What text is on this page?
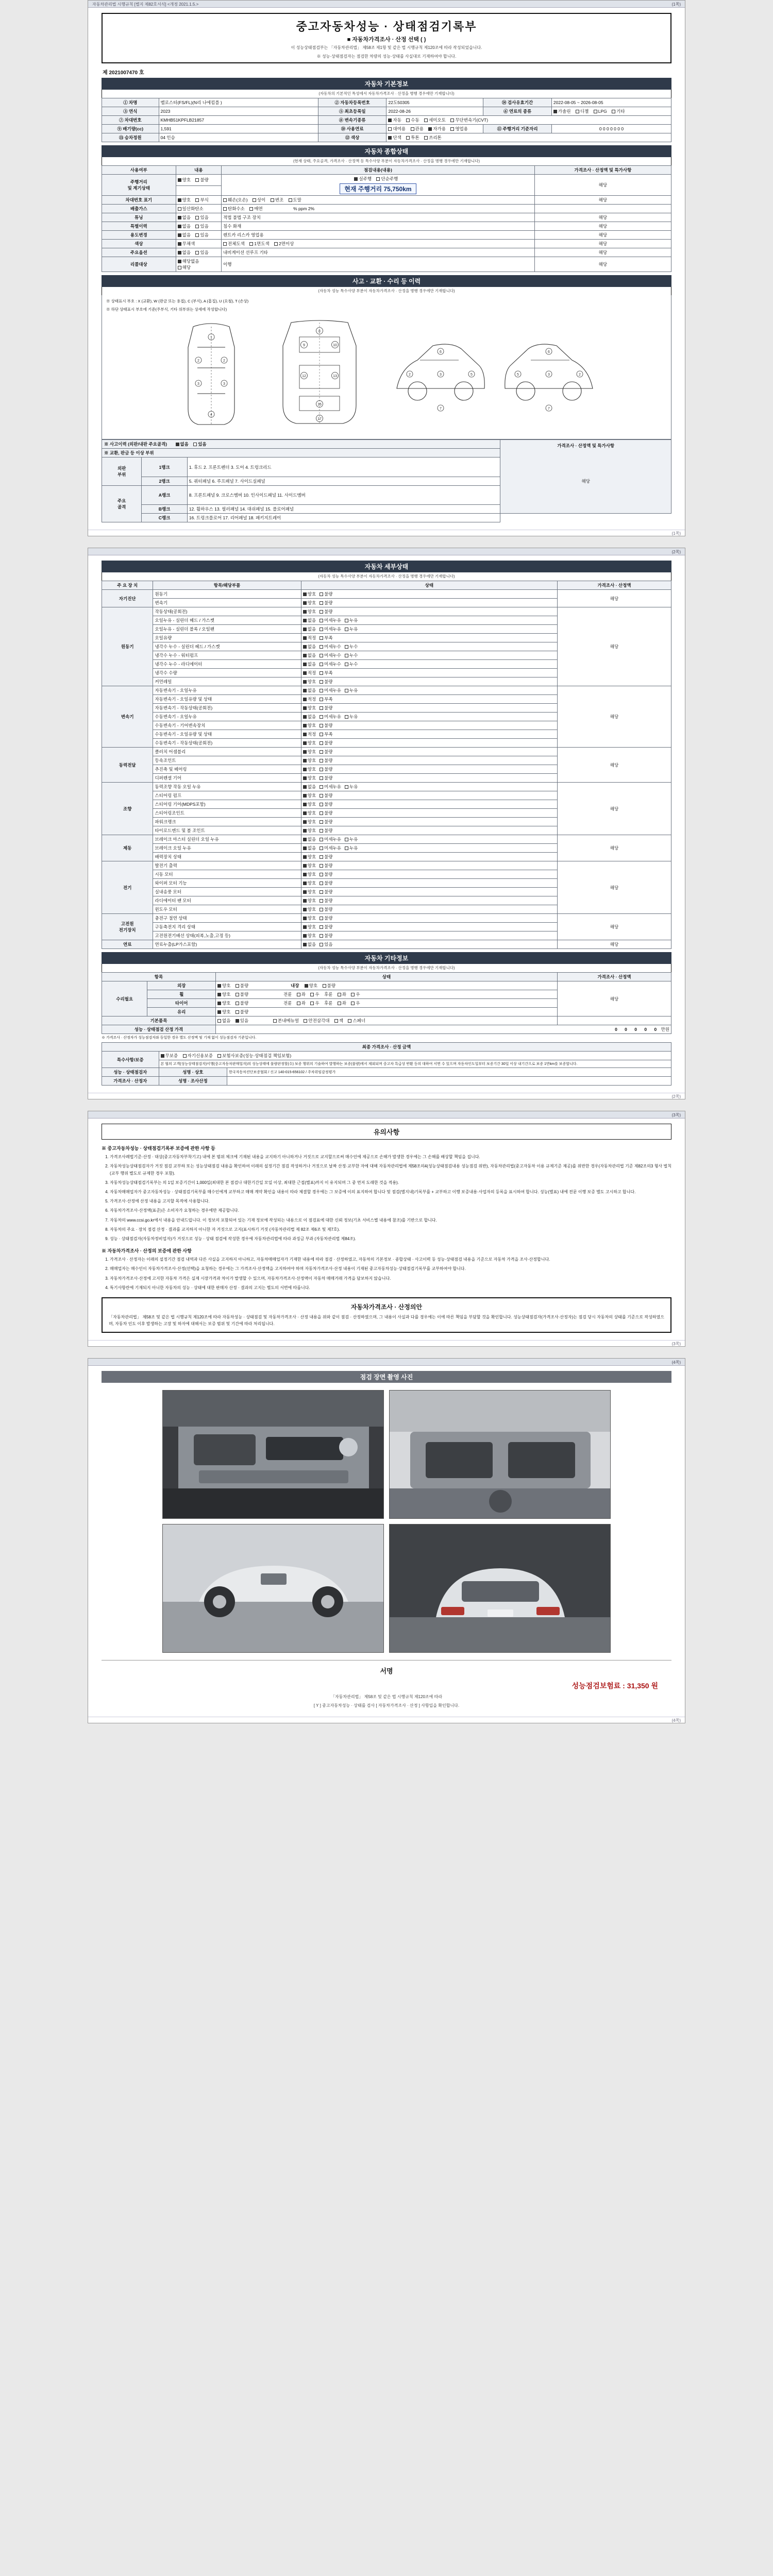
자동차관리법 시행규칙 [별지 제82호서식] <개정 2021.1.5.>	(1쪽)
중고자동차성능 · 상태점검기록부
■ 자동차가격조사 · 산정 선택 ( )
이 성능상태점검부는 「자동차관리법」 제58조 제1항 및 같은 법 시행규칙 제120조에 따라 작성되었습니다.
※ 성능·상태점검자는 점검한 차량의 성능·상태를 사실대로 기재하여야 합니다.
제 2021007470 호
자동차 기본정보
(자동차의 기본적인 특성에서 자동차가격조사 · 산정을 병행 경우에만 기재합니다)
① 차명	벨로스터(FS/FL)(N리 나에킴플 )	② 자동차등록번호	22도50305	⑭ 검사유효기간	2022-08-05 ~ 2026-08-05
③ 연식	2023	⑤ 최초등록일	2022-08-26	⑥ 연료의 종류	가솔린 디젤 LPG 기타
⑦ 차대번호	KMHB51KPFLB21857	⑧ 변속기종류	자동 수동 세미오토 무단변속기(CVT)		
⑨ 배기량(cc)	1,591	⑩ 사용연료	대여용 관용 자가용 영업용	⑪ 주행거리 기준자리	0 0 0 0 0 0 0
⑬ 승차정원	04 인승	⑫ 색상	단색 투톤 쓰리톤		
자동차 종합상태
(현재 상태, 주요골격, 가격조사 · 산정액 등 특수사양 부분이 자동차가격조사 · 산정을 병행 경우에만 기재합니다)
사용여부	내용	점검내용(내용)	가격조사 · 산정액 및 특가사항
주행거리
및 계기상태	양호 불량	실주행 단순주행
현재 주행거리 75,750km	해당

차대번호 표기	양호 부식	훼손(오손) 상이 변조 도말	해당
배출가스	일산화탄소	탄화수소 매연 % ppm 2%	
튜닝	없음 있음	적법 불법 구조 장치	해당
특별이력	없음 있음	침수 화재	해당
용도변경	없음 있음	렌트카 리스카 영업용	해당
색상	무채색	전체도색 1면도색 2면이상	해당
주요옵션	없음 있음	내비게이션 선루프 기타	해당
리콜대상	해당없음 해당	이행	해당
사고 · 교환 · 수리 등 이력
(자동차 성능 특수사양 부분이 자동차가격조사 · 산정을 병행 경우에만 기재합니다)
※ 상태표시 부호 : X (교환), W (판금 또는 용접), C (부식), A (흠집), U (요철), T (손상)
※ 하단 상태표시 부호에 기준(주부식, 기타 위부위는 상세에 작성합니다)
1
2	2
3	3
4
8
9	10
12	13
16
17
2	3	5
6
7
2
3
5
6
7
※ 사고이력 (외판/내판 주요골격) 없음 있음			가격조사 · 산정액 및 특가사항
해당

※ 교환, 판금 등 이상 부위			
외판
부위	1랭크	1. 후드 2. 프론트펜더 3. 도어 4. 트렁크리드	
	2랭크	5. 쿼터패널 6. 루프패널 7. 사이드실패널	
주요
골격	A랭크	8. 프론트패널 9. 크로스멤버 10. 인사이드패널 11. 사이드멤버	
	B랭크	12. 휠하우스 13. 필러패널 14. 대쉬패널 15. 플로어패널	
	C랭크	16. 트렁크플로어 17. 리어패널 18. 패키지트레이	
(1쪽)
(2쪽)
자동차 세부상태
(자동차 성능 특수사양 부분이 자동차가격조사 · 산정을 병행 경우에만 기재합니다)
주 요 장 치	항목/해당부품	상태	가격조사 · 산정액
자기진단	원동기	양호 불량	해당
	변속기	양호 불량	
원동기	작동상태(공회전)	양호 불량	해당
	오일누유 - 실린더 헤드 / 가스켓	없음 미세누유 누유	
	오일누유 - 실린더 블록 / 오일팬	없음 미세누유 누유	
	오일유량	적정 부족	
	냉각수 누수 - 실린더 헤드 / 가스켓	없음 미세누수 누수	
	냉각수 누수 - 워터펌프	없음 미세누수 누수	
	냉각수 누수 - 라디에이터	없음 미세누수 누수	
	냉각수 수량	적정 부족	
	커먼레일	양호 불량	
변속기	자동변속기 - 오일누유	없음 미세누유 누유	해당
	자동변속기 - 오일유량 및 상태	적정 부족	
	자동변속기 - 작동상태(공회전)	양호 불량	
	수동변속기 - 오일누유	없음 미세누유 누유	
	수동변속기 - 기어변속장치	양호 불량	
	수동변속기 - 오일유량 및 상태	적정 부족	
	수동변속기 - 작동상태(공회전)	양호 불량	
동력전달	클러치 어셈블리	양호 불량	해당
	등속조인트	양호 불량	
	추진축 및 베어링	양호 불량	
	디퍼렌셜 기어	양호 불량	
조향	동력조향 작동 오일 누유	없음 미세누유 누유	해당
	스티어링 펌프	양호 불량	
	스티어링 기어(MDPS포함)	양호 불량	
	스티어링조인트	양호 불량	
	파워크랭크	양호 불량	
	타이로드엔드 및 볼 조인트	양호 불량	
제동	브레이크 마스터 실린더 오일 누유	없음 미세누유 누유	해당
	브레이크 오일 누유	없음 미세누유 누유	
	배력장치 상태	양호 불량	
전기	발전기 출력	양호 불량	해당
	시동 모터	양호 불량	
	와이퍼 모터 기능	양호 불량	
	실내송풍 모터	양호 불량	
	라디에이터 팬 모터	양호 불량	
	윈도우 모터	양호 불량	
고전원
전기장치	충전구 절연 상태	양호 불량	해당
	구동축전지 격리 상태	양호 불량	
	고전원전기배선 상태(피복,노출,고정 등)	양호 불량	
연료	연료누출(LP가스포함)	없음 있음	해당
자동차 기타정보
(자동차 성능 특수사양 부분이 자동차가격조사 · 산정을 병행 경우에만 기재합니다)
항목		상태	가격조사 · 산정액
수리필요	외장	양호 불량 내장 양호 불량	해당
	휠	양호 불량 전륜 좌 우 후륜 좌 우	
	타이어	양호 불량 전륜 좌 우 후륜 좌 우	
	유리	양호 불량	
기본품목		없음 있음 본내메뉴얼 안전삼각대 잭 스페너	
성능 · 상태점검 산정 가격		0 0 0 0 0 만원	
※ 가격조사 · 산정자가 성능점검자와 동일한 경우 별도 산정액 및 기재 없이 성능점검자 기준입니다.
최종 가격조사 · 산정 금액		
특수사항/보증	무보증 자기신용보증 보험사보증(성능·상태점검 책임보험)	
	본 협의 고객(성능상태점검자)이행(중고자동차판매업자)의 성능상태에 불량판정할(수) 보증 행위의 기술하여 발행하는 보증(불량)에서 제외되며 중고차 특급상 반환 등의 대하여 서면 수 있으며 자동차인도일부터 보증기간 30일 이상 내기간으로 보증 1만km를 보증합니다.	
성능 · 상태점검자	성명 · 상호	한국자동차진단보증협회 / 신고 140-015-656102 / 주차위임감정평가
가격조사 · 산정자	성명 · 조사산정	
(2쪽)
(3쪽)
유의사항
※ 중고자동차성능 · 상태점검기록부 보증에 관한 사항 등
1. 가격조사례법기준·산정 · 대상(중고자동차부착기고) 내에 본 범위 체크에 기재된 내용을 교지하기 아니하거나 거짓으로 교지할으로써 매수인에 제공으로 손해가 발생한 경우에는 그 손해를 배상할 책임을 집니다.
2. 자동차성능상태점검자가 거짓 점검 교부하 또는 성능상태점검 내용을 확인하여 이래의 설정기간 점검 작성하거나 거짓으로 날짜 산정·교부한 자에 대해 자동차관리법에 제58조의4(성능상태점검내용 성능점검 위반), 자동차관리법(중고자동차 이용 규제기준 제공)를 위반한 경우(자동차관리법 기준 제82조의3 형사 벌칙(교부 행위 별도로 규제한 경우 포함).
3. 자동차성능상태점검기록부는 의 1일 보증기간이 1,000일(최대한 본 점검나 대한기간일 모일 이상, 최대한 근접(별표)까지 이 유지되며 그 중 먼저 도래한 것을 적용).
4. 자동차매매업자가 중고자동차성능 · 상태점검기록부를 매수인에게 교부하고 매매 계약 확인을 내용이 따라 체결할 경우에는 그 보증에 이의 표지하여 합니다 및 점검(별지내)기록부를 + 교부하고 이행 보증내용·사업자의 등록을 표시하여 합니다. 성능(별표) 내에 전문 이행 보증 별도 고시하고 합니다.
5. 가격조사·산정에 산정 내용을 고지할 목적에 사용합니다.
6. 자동차가격조사·산정액(표준)은 소비자가 요청하는 경우에만 제공합니다.
7. 자동차의 www.ccsi.go.kr에서 내용을 안내드립니다. 이 정보의 포함되어 있는 기재 정보에 작성되는 내용으로 이 점검표에 대한 신뢰 정보(기초 서비스별 내용에 참조)를 기반으로 합니다.
8. 자동차의 주요 · 장치 점검 산정 · 결과를 교지하지 아니한 자 거짓으로 고지(표시하기 거짓 (자동차관리법 제 82조 제6조 및 제7호).
9. 성능 · 상태점검자(자동차정비업자)가 거짓으로 성능 · 상태 점검에 작성한 경우에 자동차관리법에 따라 과징금 부과 (자동차관리법 제84조).
※ 자동차가격조사 · 산정의 보증에 관한 사항
1. 가격조사 · 산정자는 이래의 설정기간 점검 내역과 다른 사실을 고지하지 아니하고, 자동차매매업자가 기재한 내용에 따라 점검 · 산정하였고, 자동차의 기본정보 · 종합상태 · 사고이력 등 성능·상태점검 내용을 기준으로 자동차 가격을 조사·산정합니다.
2. 매매업자는 매수인이 자동차가격조사·산정(선택)을 요청하는 경우에는 그 가격조사·산정액을 고지하여야 하며 자동차가격조사·산정 내용이 기재된 중고자동차성능·상태점검기록부를 교부하여야 합니다.
3. 자동차가격조사·산정에 고지한 자동차 가격은 실제 시장가격과 차이가 발생할 수 있으며, 자동차가격조사·산정액이 자동차 매매거래 가격을 담보하지 않습니다.
4. 특기사항란에 기재되지 아니한 자동차의 성능 · 상태에 대한 판매자 산정 · 결과의 고지는 별도의 서면에 따릅니다.
자동차가격조사 · 산정의안
「자동차관리법」 제58조 및 같은 법 시행규칙 제120조에 따라 자동차성능 · 상태점검 및 자동차가격조사 · 산정 내용을 위와 같이 점검 · 산정하였으며, 그 내용이 사실과 다를 경우에는 이에 따른 책임을 부담할 것을 확인합니다. 성능상태점검자(가격조사·산정자)는 점검 당시 자동차의 상태를 기준으로 작성하였으며, 자동차 인도 이후 발생하는 고장 및 하자에 대해서는 보증 범위 및 기간에 따라 처리됩니다.
(3쪽)
(4쪽)
점검 장면 촬영 사진
서명
성능점검보험료 : 31,350 원
「자동차관리법」 제58조 및 같은 법 시행규칙 제120조에 따라
[ Y ] 중고자동차성능 · 상태를 검사 [ 자동차가격조사 · 산정 ] 사항입을 확인합니다.
(4쪽)
